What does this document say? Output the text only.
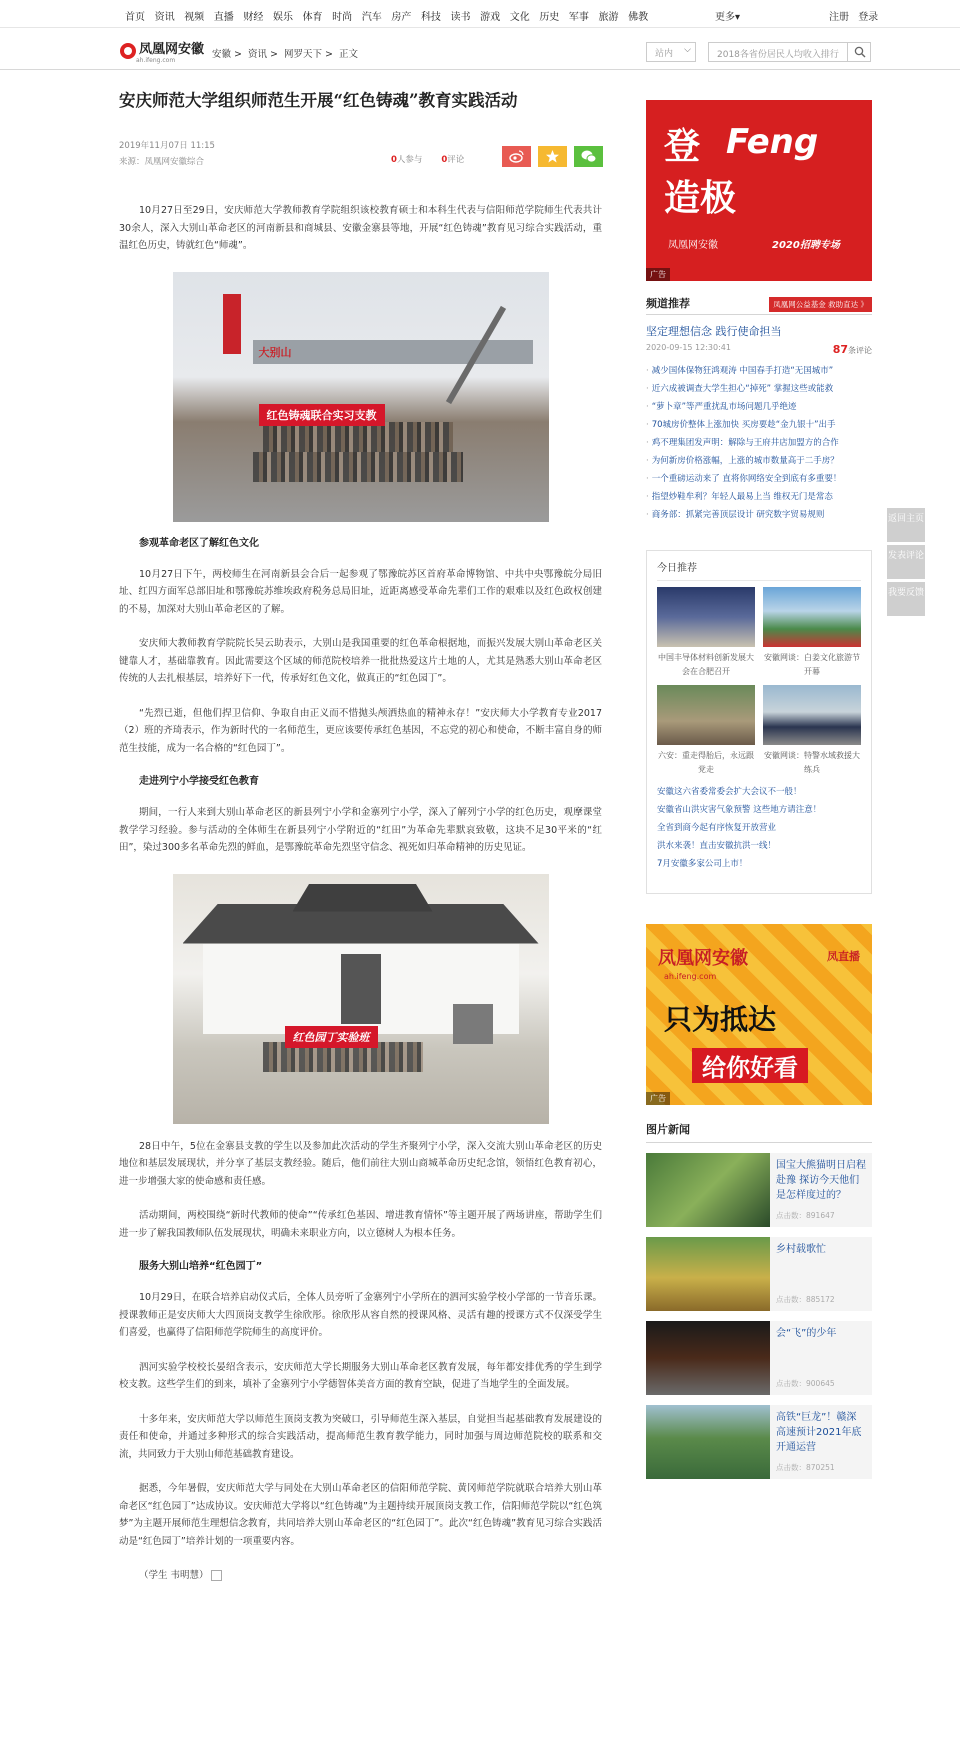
首页 资讯 视频 直播 财经 娱乐 体育 时尚 汽车 房产 科技 读书 游戏 文化 历史 军事 旅游 佛教	更多▾	注册 登录
凤凰网安徽
ah.ifeng.com
安徽 > 资讯 > 网罗天下 > 正文	站内 ⌵	2018各省份居民人均收入排行
安庆师范大学组织师范生开展“红色铸魂”教育实践活动
2019年11月07日 11:15
来源：凤凰网安徽综合	0人参与 0评论

10月27日至29日，安庆师范大学教师教育学院组织该校教育硕士和本科生代表与信阳师范学院师生代表共计30余人，深入大别山革命老区的河南新县和商城县、安徽金寨县等地，开展“红色铸魂”教育见习综合实践活动，重温红色历史，铸就红色“师魂”。

大别山
红色铸魂联合实习支教

参观革命老区了解红色文化

10月27日下午，两校师生在河南新县会合后一起参观了鄂豫皖苏区首府革命博物馆、中共中央鄂豫皖分局旧址、红四方面军总部旧址和鄂豫皖苏维埃政府税务总局旧址，近距离感受革命先辈们工作的艰难以及红色政权创建的不易，加深对大别山革命老区的了解。

安庆师大教师教育学院院长吴云助表示，大别山是我国重要的红色革命根据地，而振兴发展大别山革命老区关键靠人才，基础靠教育。因此需要这个区域的师范院校培养一批批热爱这片土地的人，尤其是熟悉大别山革命老区传统的人去扎根基层，培养好下一代，传承好红色文化，做真正的“红色园丁”。

“先烈已逝，但他们捍卫信仰、争取自由正义而不惜抛头颅洒热血的精神永存！”安庆师大小学教育专业2017（2）班的齐琦表示，作为新时代的一名师范生，更应该要传承红色基因，不忘党的初心和使命，不断丰富自身的师范生技能，成为一名合格的“红色园丁”。

走进列宁小学接受红色教育

期间，一行人来到大别山革命老区的新县列宁小学和金寨列宁小学，深入了解列宁小学的红色历史，观摩课堂教学学习经验。参与活动的全体师生在新县列宁小学附近的“红田”为革命先辈默哀致敬，这块不足30平米的“红田”，染过300多名革命先烈的鲜血，是鄂豫皖革命先烈坚守信念、视死如归革命精神的历史见证。

红色园丁实验班

28日中午，5位在金寨县支教的学生以及参加此次活动的学生齐聚列宁小学，深入交流大别山革命老区的历史地位和基层发展现状，并分享了基层支教经验。随后，他们前往大别山商城革命历史纪念馆，领悟红色教育初心，进一步增强大家的使命感和责任感。

活动期间，两校围绕“新时代教师的使命”“传承红色基因、增进教育情怀”等主题开展了两场讲座，帮助学生们进一步了解我国教师队伍发展现状，明确未来职业方向，以立德树人为根本任务。

服务大别山培养“红色园丁”

10月29日，在联合培养启动仪式后，全体人员旁听了金寨列宁小学所在的泗河实验学校小学部的一节音乐课。授课教师正是安庆师大大四顶岗支教学生徐欣彤。徐欣彤从容自然的授课风格、灵活有趣的授课方式不仅深受学生们喜爱，也赢得了信阳师范学院师生的高度评价。

泗河实验学校校长晏绍含表示，安庆师范大学长期服务大别山革命老区教育发展，每年都安排优秀的学生到学校支教。这些学生们的到来，填补了金寨列宁小学德智体美音方面的教育空缺，促进了当地学生的全面发展。

十多年来，安庆师范大学以师范生顶岗支教为突破口，引导师范生深入基层，自觉担当起基础教育发展建设的责任和使命，并通过多种形式的综合实践活动，提高师范生教育教学能力，同时加强与周边师范院校的联系和交流，共同致力于大别山师范基础教育建设。

据悉，今年暑假，安庆师范大学与同处在大别山革命老区的信阳师范学院、黄冈师范学院就联合培养大别山革命老区“红色园丁”达成协议。安庆师范大学将以“红色铸魂”为主题持续开展顶岗支教工作，信阳师范学院以“红色筑梦”为主题开展师范生理想信念教育，共同培养大别山革命老区的“红色园丁”。此次“红色铸魂”教育见习综合实践活动是“红色园丁”培养计划的一项重要内容。

（学生 韦明慧）

登
造极
Feng
凤凰网安徽	2020招聘专场
广告
频道推荐	凤凰网公益基金 救助直达 》
坚定理想信念 践行使命担当
87条评论
2020-09-15 12:30:41
· 减少国体保物狂鸿观涛 中国春手打造“无国城市”
· 近六成被调查大学生担心“掉死” 掌握这些或能救
· “萝卜章”等严重扰乱市场问题几乎绝迹
· 70城房价整体上涨加快 买房要趁“金九银十”出手
· 鸡不理集团发声明：解除与王府井店加盟方的合作
· 为何新房价格涨幅，上涨的城市数量高于二手房？
· 一个重磅运动来了 直将你网络安全到底有多重要！
· 指望炒鞋牟利？年轻人最易上当 维权无门是常态
· 商务部：抓紧完善顶层设计 研究数字贸易规则
今日推荐
中国丰导体材料创新发展大会在合肥召开
安徽网谈：白姜文化旅游节开幕
六安：重走得胎后，永远跟党走
安徽网谈：特警水域救援大练兵
安徽这六省委常委会扩大会议不一般！
安徽省山洪灾害气象预警 这些地方请注意！
全省到商今起有序恢复开放营业
洪水来袭！直击安徽抗洪一线！
7月安徽多家公司上市！
凤凰网安徽
ah.ifeng.com
凤直播
只为抵达
给你好看
广告
图片新闻
国宝大熊猫明日启程赴豫 探访今天他们是怎样度过的？
点击数：891647
乡村载歌忙
点击数：885172
会“飞”的少年
点击数：900645
高铁“巨龙”！赣深高速预计2021年底开通运营
点击数：870251
返回主页
发表评论
我要反馈
